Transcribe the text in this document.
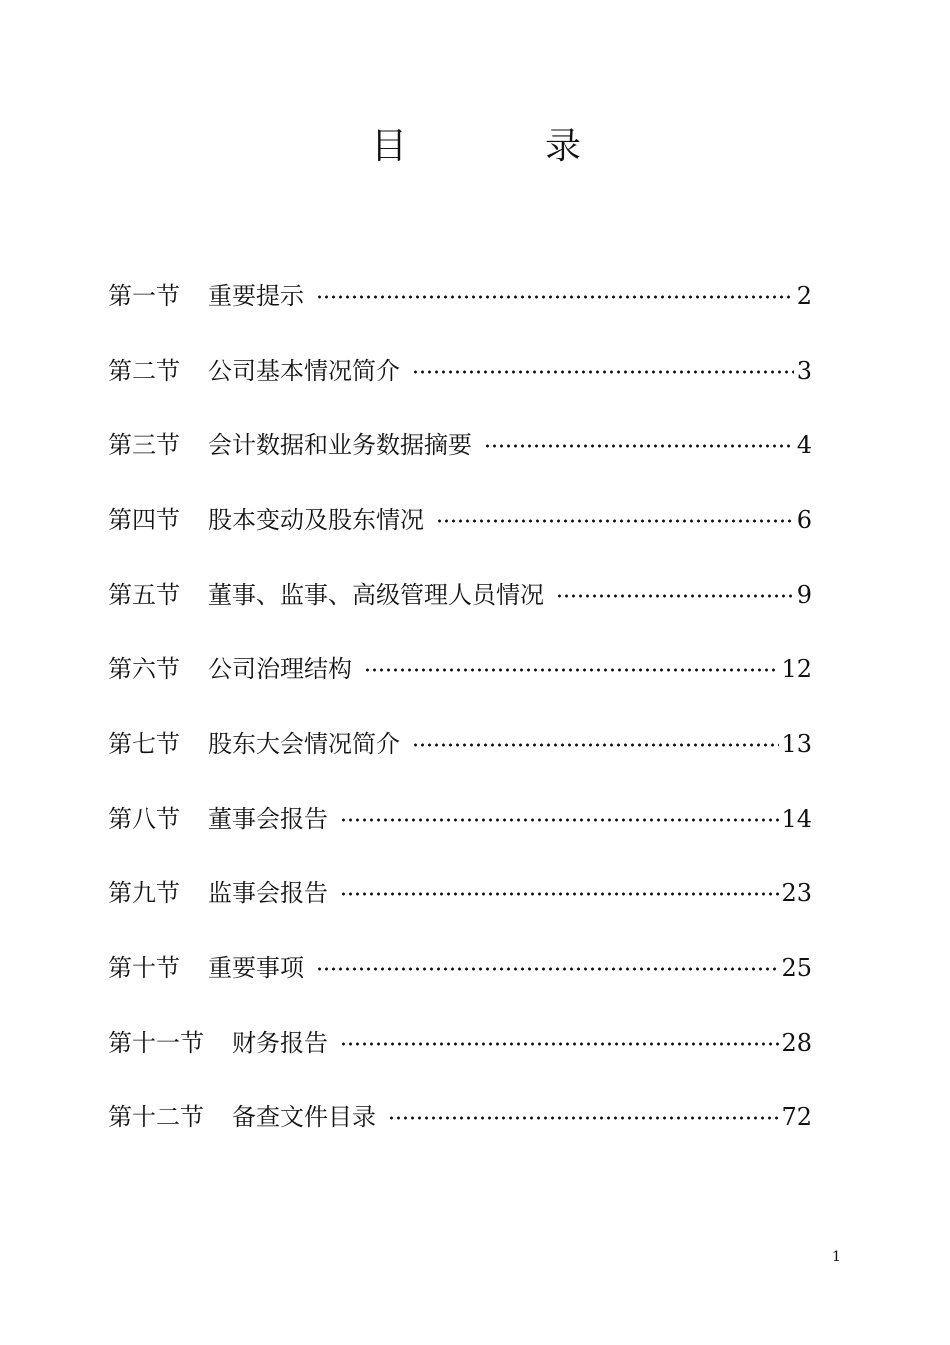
目	录
第一节 重要提示	2
第二节 公司基本情况简介	3
第三节 会计数据和业务数据摘要	4
第四节 股本变动及股东情况	6
第五节 董事、监事、高级管理人员情况	9
第六节 公司治理结构	12
第七节 股东大会情况简介	13
第八节 董事会报告	14
第九节 监事会报告	23
第十节 重要事项	25
第十一节 财务报告	28
第十二节 备查文件目录	72
1
